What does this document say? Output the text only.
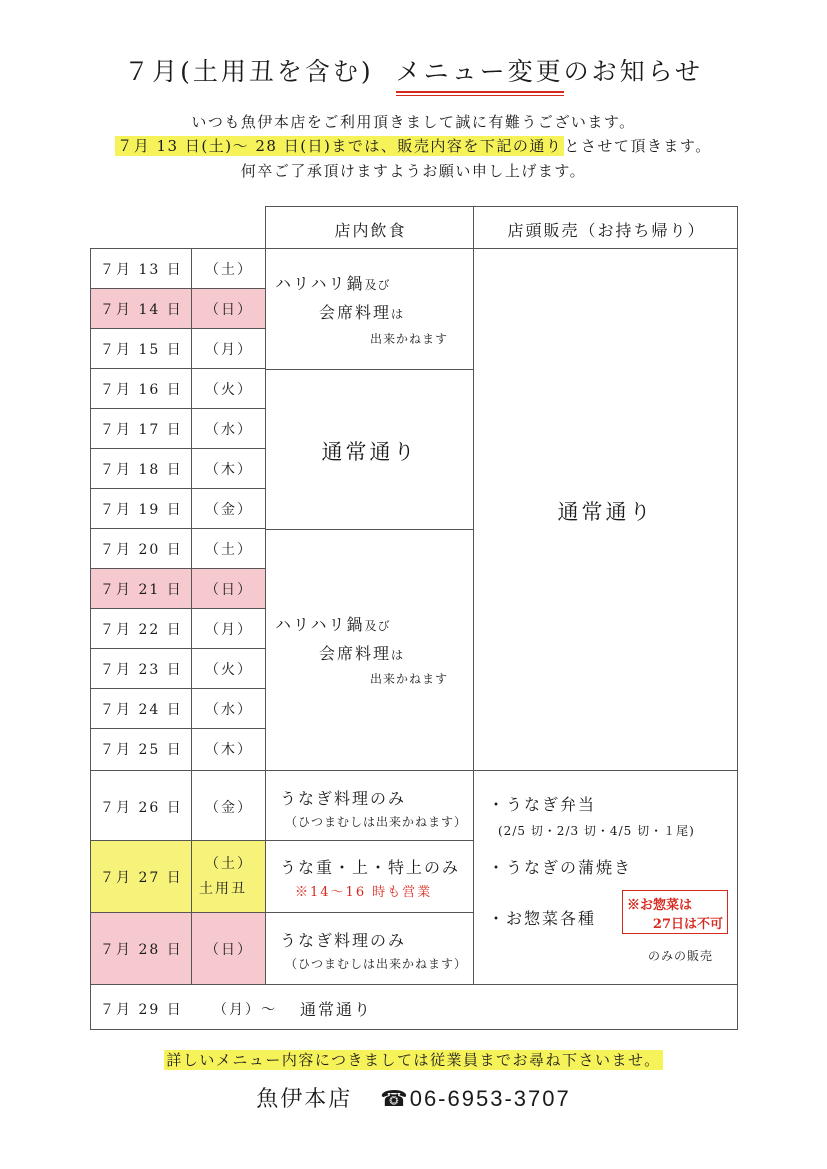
７月(土用丑を含む) メニュー変更のお知らせ
いつも魚伊本店をご利用頂きまして誠に有難うございます。
７月 13 日(土)～ 28 日(日)までは、販売内容を下記の通り とさせて頂きます。
何卒ご了承頂けますようお願い申し上げます。
店内飲食	店頭販売（お持ち帰り）
７月 13 日 （土）
７月 14 日 （日）
７月 15 日 （月）
７月 16 日 （火）
７月 17 日 （水）
７月 18 日 （木）
７月 19 日 （金）
７月 20 日 （土）
７月 21 日 （日）
７月 22 日 （月）
７月 23 日 （火）
７月 24 日 （水）
７月 25 日 （木）
ハリハリ鍋及び
会席料理は
出来かねます
通常通り
ハリハリ鍋及び
会席料理は
出来かねます
通常通り
７月 26 日 （金） うなぎ料理のみ
（ひつまむしは出来かねます）
７月 27 日
（土）
土用丑
うな重・上・特上のみ
※14～16 時も営業
７月 28 日 （日） うなぎ料理のみ
（ひつまむしは出来かねます）
・うなぎ弁当
(2/5 切・2/3 切・4/5 切・１尾)
・うなぎの蒲焼き
・お惣菜各種
※お惣菜は
27日は不可
のみの販売
７月 29 日 （月）～ 通常通り
詳しいメニュー内容につきましては従業員までお尋ね下さいませ。
魚伊本店 ☎06-6953-3707
